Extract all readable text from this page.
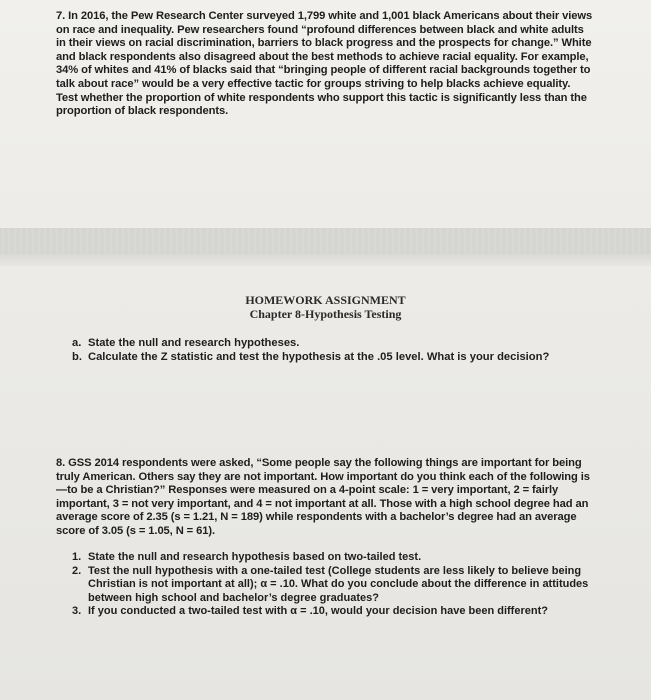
7. In 2016, the Pew Research Center surveyed 1,799 white and 1,001 black Americans about their views on race and inequality. Pew researchers found “profound differences between black and white adults in their views on racial discrimination, barriers to black progress and the prospects for change.” White and black respondents also disagreed about the best methods to achieve racial equality. For example, 34% of whites and 41% of blacks said that “bringing people of different racial backgrounds together to talk about race” would be a very effective tactic for groups striving to help blacks achieve equality. Test whether the proportion of white respondents who support this tactic is significantly less than the proportion of black respondents.
HOMEWORK ASSIGNMENT
Chapter 8-Hypothesis Testing
a. State the null and research hypotheses.
b. Calculate the Z statistic and test the hypothesis at the .05 level. What is your decision?
8. GSS 2014 respondents were asked, “Some people say the following things are important for being truly American. Others say they are not important. How important do you think each of the following is—to be a Christian?” Responses were measured on a 4-point scale: 1 = very important, 2 = fairly important, 3 = not very important, and 4 = not important at all. Those with a high school degree had an average score of 2.35 (s = 1.21, N = 189) while respondents with a bachelor’s degree had an average score of 3.05 (s = 1.05, N = 61).
1. State the null and research hypothesis based on two-tailed test.
2. Test the null hypothesis with a one-tailed test (College students are less likely to believe being Christian is not important at all); α = .10. What do you conclude about the difference in attitudes between high school and bachelor’s degree graduates?
3. If you conducted a two-tailed test with α = .10, would your decision have been different?
